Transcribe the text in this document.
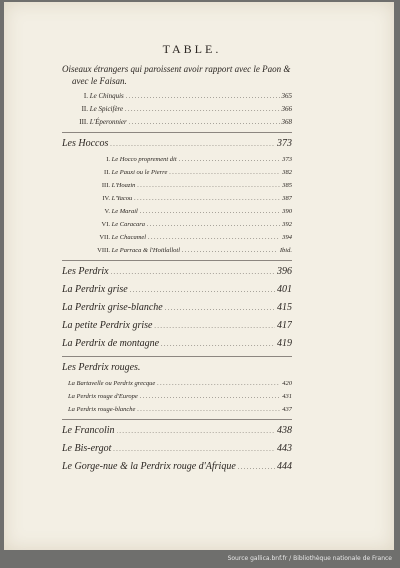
TABLE.
Oiseaux étrangers qui paroissent avoir rapport avec le Paon & avec le Faisan.
I. Le Chinquis . . .	365
II. Le Spicifère . . .	366
III. L'Éperonnier . . .	368
Les Hoccos . . .	373
I. Le Hocco proprement dit . . .	373
II. Le Pauxi ou le Pierre . . .	382
III. L'Hoazin . . .	385
IV. L'Yacou . . .	387
V. Le Marail . . .	390
VI. Le Caracara . . .	392
VII. Le Chacamel . . .	394
VIII. Le Parraca & l'Hoitlallotl . . .	Ibid.
Les Perdrix . . .	396
La Perdrix grise . . .	401
La Perdrix grise-blanche . . .	415
La petite Perdrix grise . . .	417
La Perdrix de montagne . . .	419
Les Perdrix rouges.
La Bartavelle ou Perdrix grecque . . .	420
La Perdrix rouge d'Europe . . .	431
La Perdrix rouge-blanche . . .	437
Le Francolin . . .	438
Le Bis-ergot . . .	443
Le Gorge-nue & la Perdrix rouge d'Afrique . . .	444
Source gallica.bnf.fr / Bibliothèque nationale de France
